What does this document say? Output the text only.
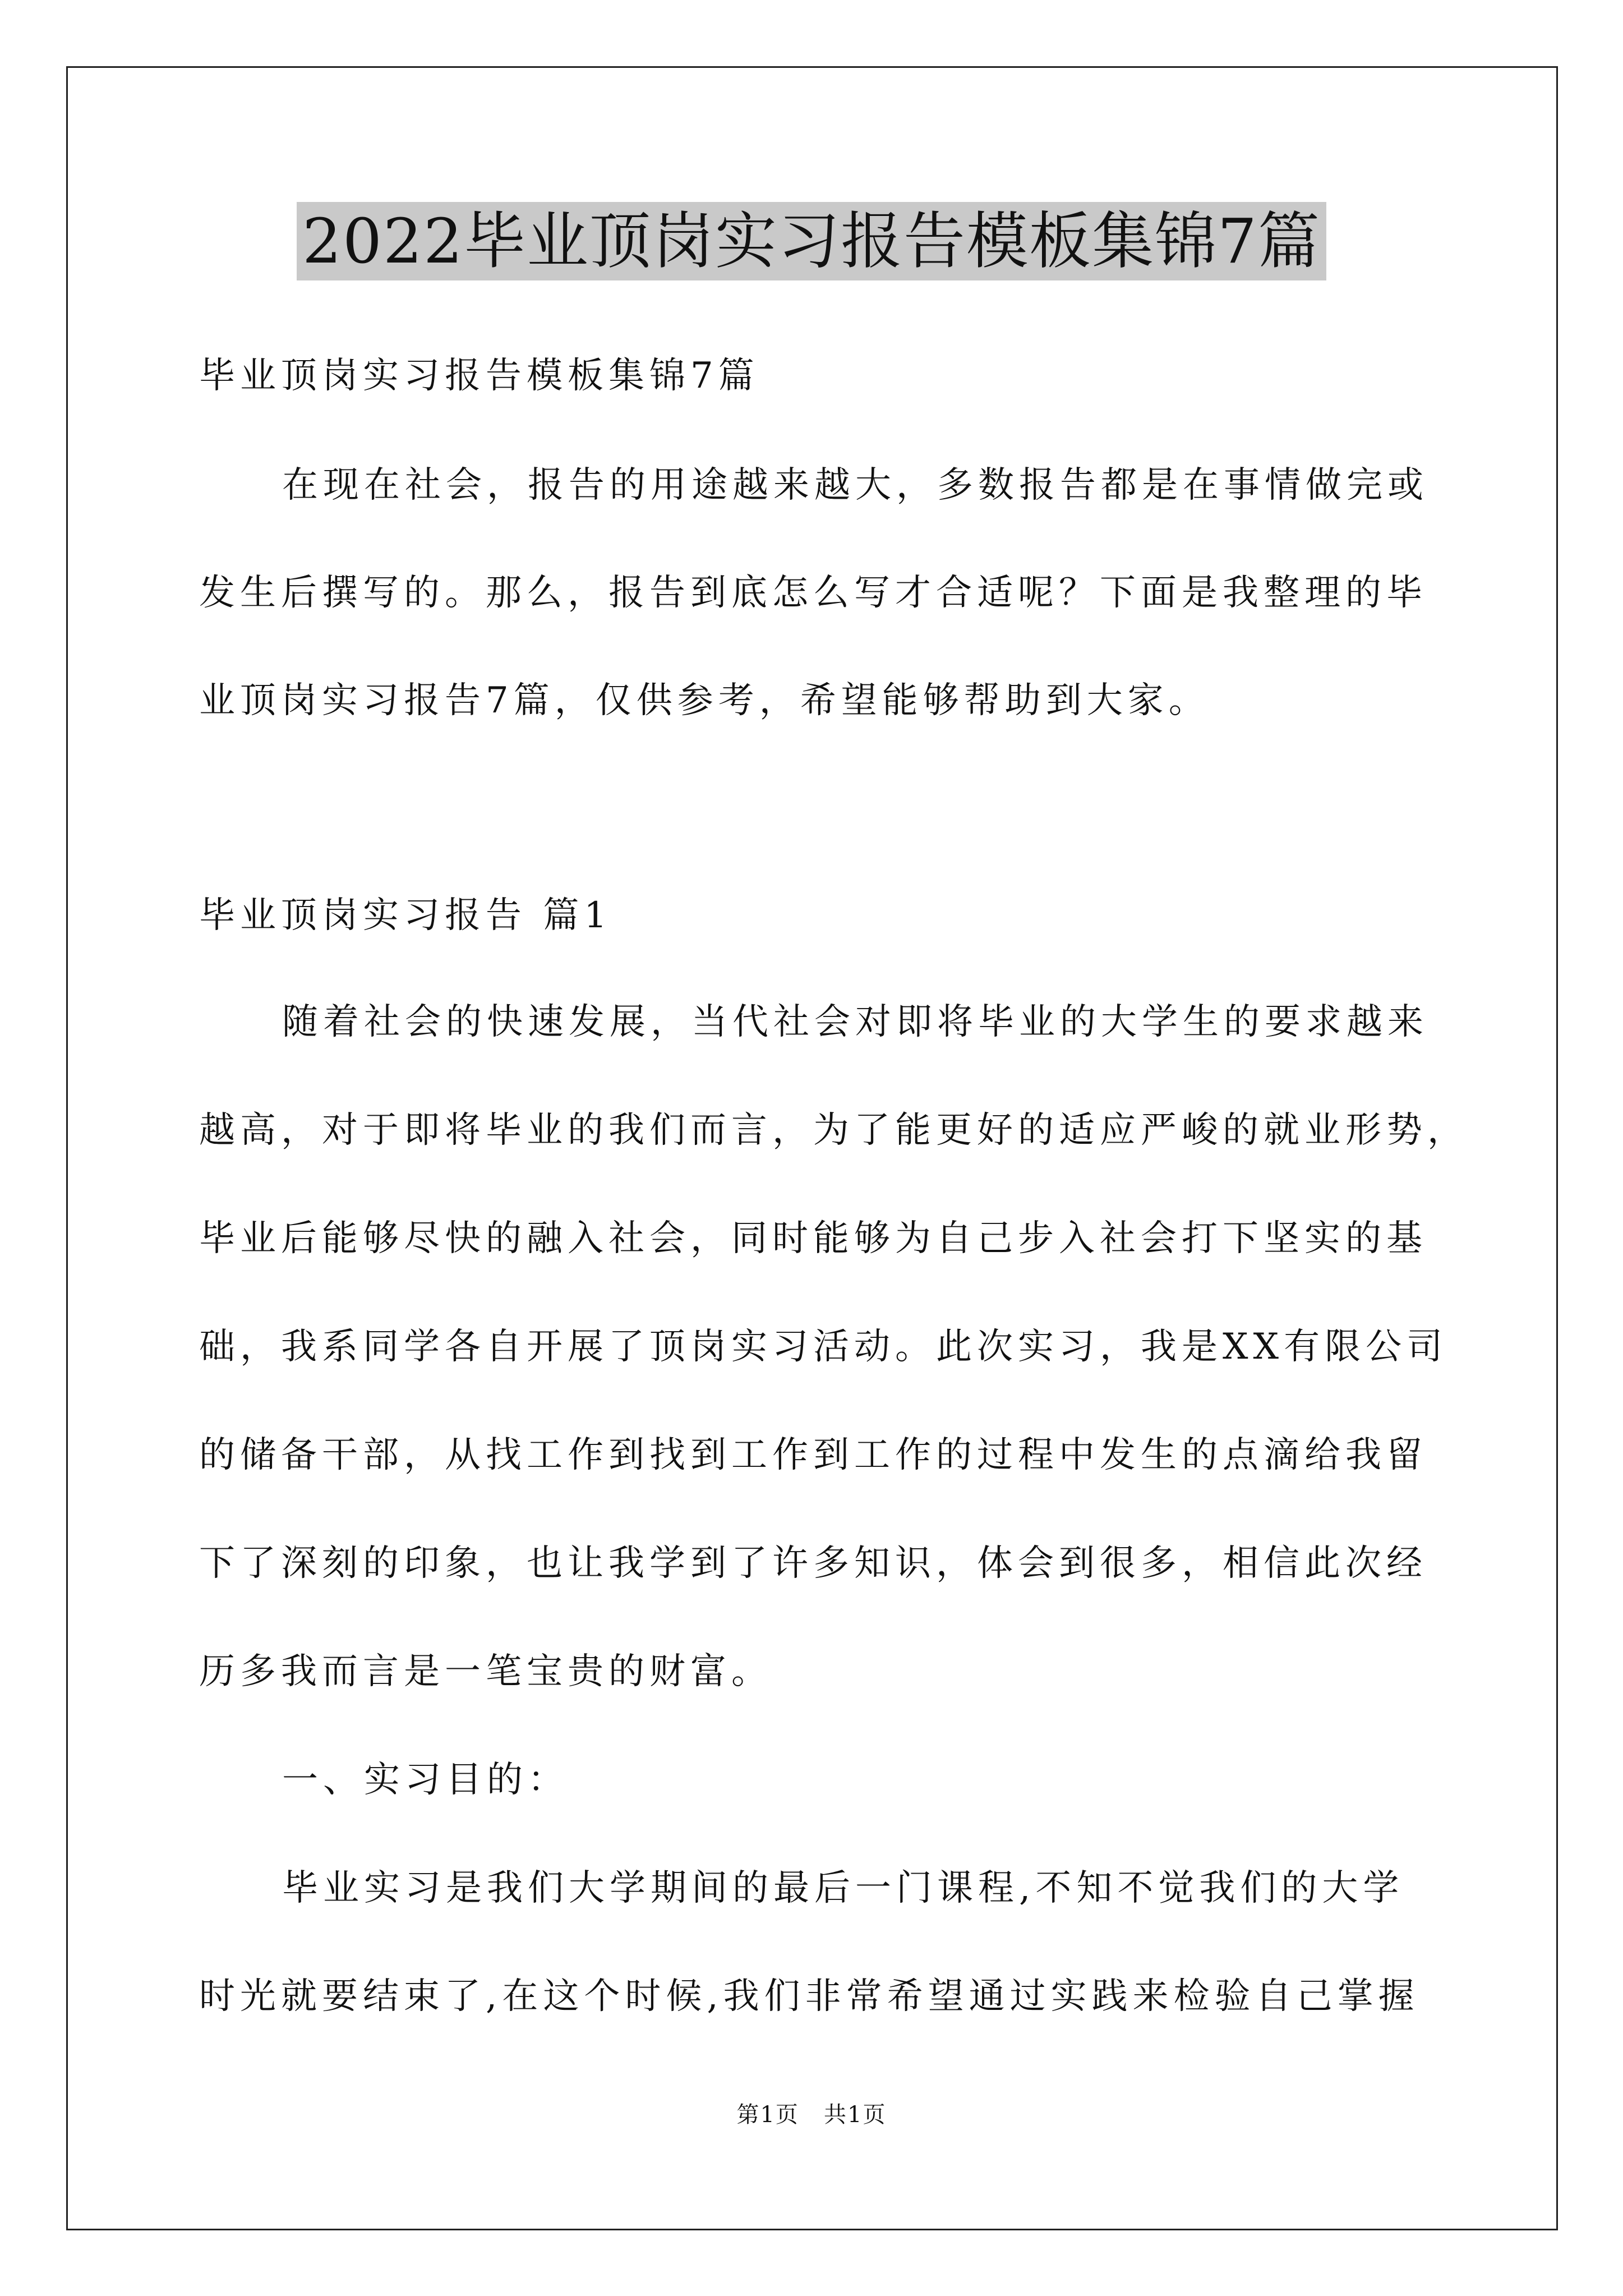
2022毕业顶岗实习报告模板集锦7篇
毕业顶岗实习报告模板集锦7篇
在现在社会，报告的用途越来越大，多数报告都是在事情做完或
发生后撰写的。那么，报告到底怎么写才合适呢？下面是我整理的毕
业顶岗实习报告7篇，仅供参考，希望能够帮助到大家。
毕业顶岗实习报告 篇1
随着社会的快速发展，当代社会对即将毕业的大学生的要求越来
越高，对于即将毕业的我们而言，为了能更好的适应严峻的就业形势，
毕业后能够尽快的融入社会，同时能够为自己步入社会打下坚实的基
础，我系同学各自开展了顶岗实习活动。此次实习，我是XX有限公司
的储备干部，从找工作到找到工作到工作的过程中发生的点滴给我留
下了深刻的印象，也让我学到了许多知识，体会到很多，相信此次经
历多我而言是一笔宝贵的财富。
一、实习目的：
毕业实习是我们大学期间的最后一门课程,不知不觉我们的大学
时光就要结束了,在这个时候,我们非常希望通过实践来检验自己掌握
第1页   共1页
